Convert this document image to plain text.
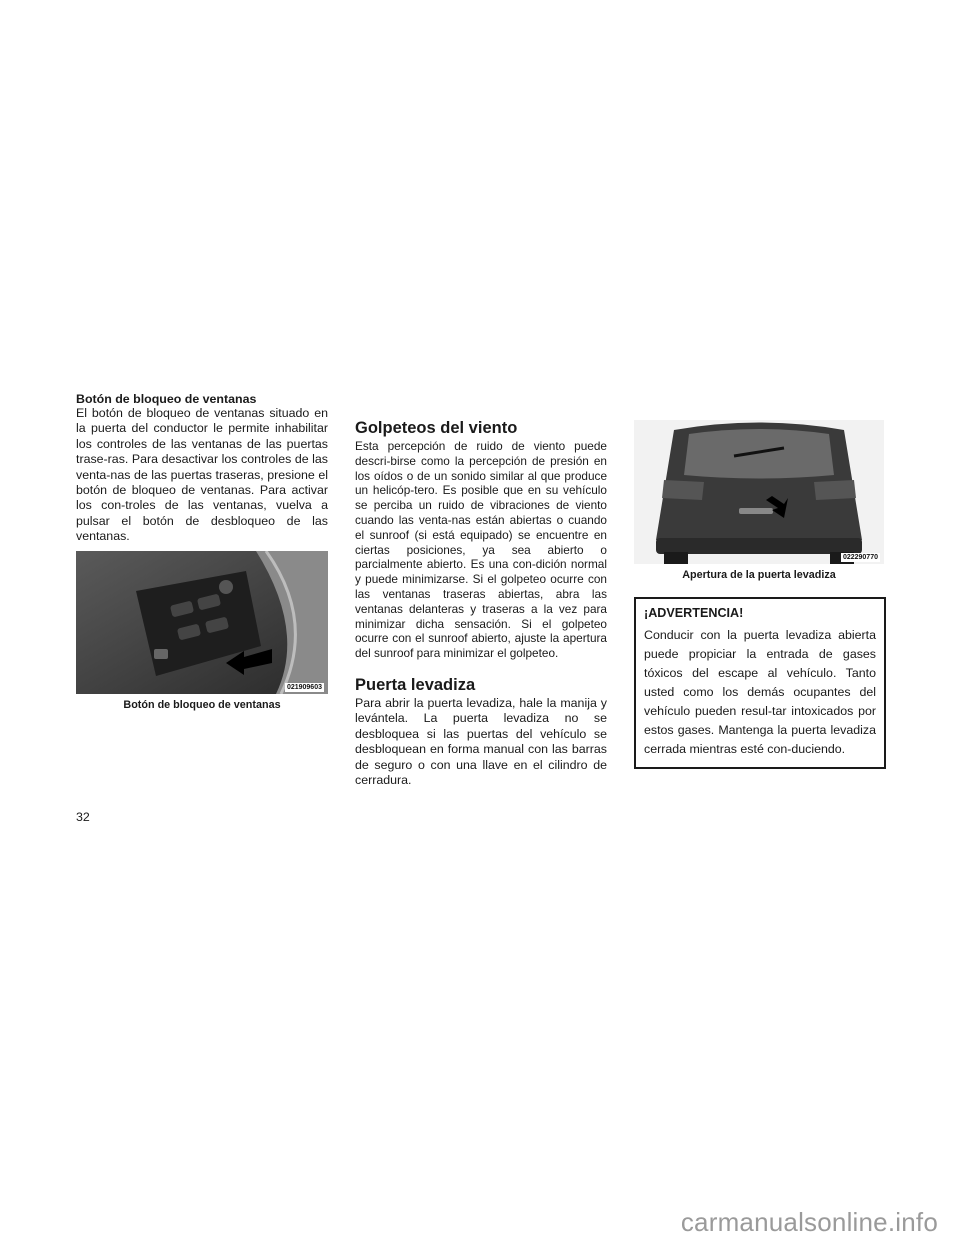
Botón de bloqueo de ventanas

El botón de bloqueo de ventanas situado en la puerta del conductor le permite inhabilitar los controles de las ventanas de las puertas trase-ras. Para desactivar los controles de las venta-nas de las puertas traseras, presione el botón de bloqueo de ventanas. Para activar los con-troles de las ventanas, vuelva a pulsar el botón de desbloqueo de las ventanas.

021909603
Botón de bloqueo de ventanas
Golpeteos del viento

Esta percepción de ruido de viento puede descri-birse como la percepción de presión en los oídos o de un sonido similar al que produce un helicóp-tero. Es posible que en su vehículo se perciba un ruido de vibraciones de viento cuando las venta-nas están abiertas o cuando el sunroof (si está equipado) se encuentre en ciertas posiciones, ya sea abierto o parcialmente abierto. Es una con-dición normal y puede minimizarse. Si el golpeteo ocurre con las ventanas traseras abiertas, abra las ventanas delanteras y traseras a la vez para minimizar dicha sensación. Si el golpeteo ocurre con el sunroof abierto, ajuste la apertura del sunroof para minimizar el golpeteo.

Puerta levadiza

Para abrir la puerta levadiza, hale la manija y levántela. La puerta levadiza no se desbloquea si las puertas del vehículo se desbloquean en forma manual con las barras de seguro o con una llave en el cilindro de cerradura.

022290770
Apertura de la puerta levadiza

¡ADVERTENCIA!

Conducir con la puerta levadiza abierta puede propiciar la entrada de gases tóxicos del escape al vehículo. Tanto usted como los demás ocupantes del vehículo pueden resul-tar intoxicados por estos gases. Mantenga la puerta levadiza cerrada mientras esté con-duciendo.

32
carmanualsonline.info
